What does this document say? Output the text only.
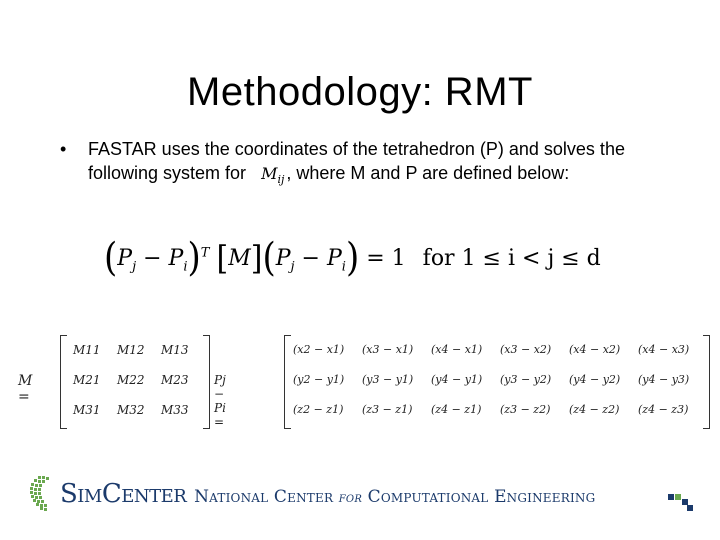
Methodology: RMT
• FASTAR uses the coordinates of the tetrahedron (P) and solves the following system for $M_{ij}$ , where M and P are defined below:
$(P_j - P_i)^T$ $[M](P_j - P_i) = 1$ for 1 ≤ i < j ≤ d
M =
M11 M12 M13
M21 M22 M23
M31 M32 M33
Pj − Pi =
(x2 − x1) (x3 − x1) (x4 − x1) (x3 − x2) (x4 − x2) (x4 − x3)
(y2 − y1) (y3 − y1) (y4 − y1) (y3 − y2) (y4 − y2) (y4 − y3)
(z2 − z1) (z3 − z1) (z4 − z1) (z3 − z2) (z4 − z2) (z4 − z3)
SimCenter National Center for Computational Engineering
